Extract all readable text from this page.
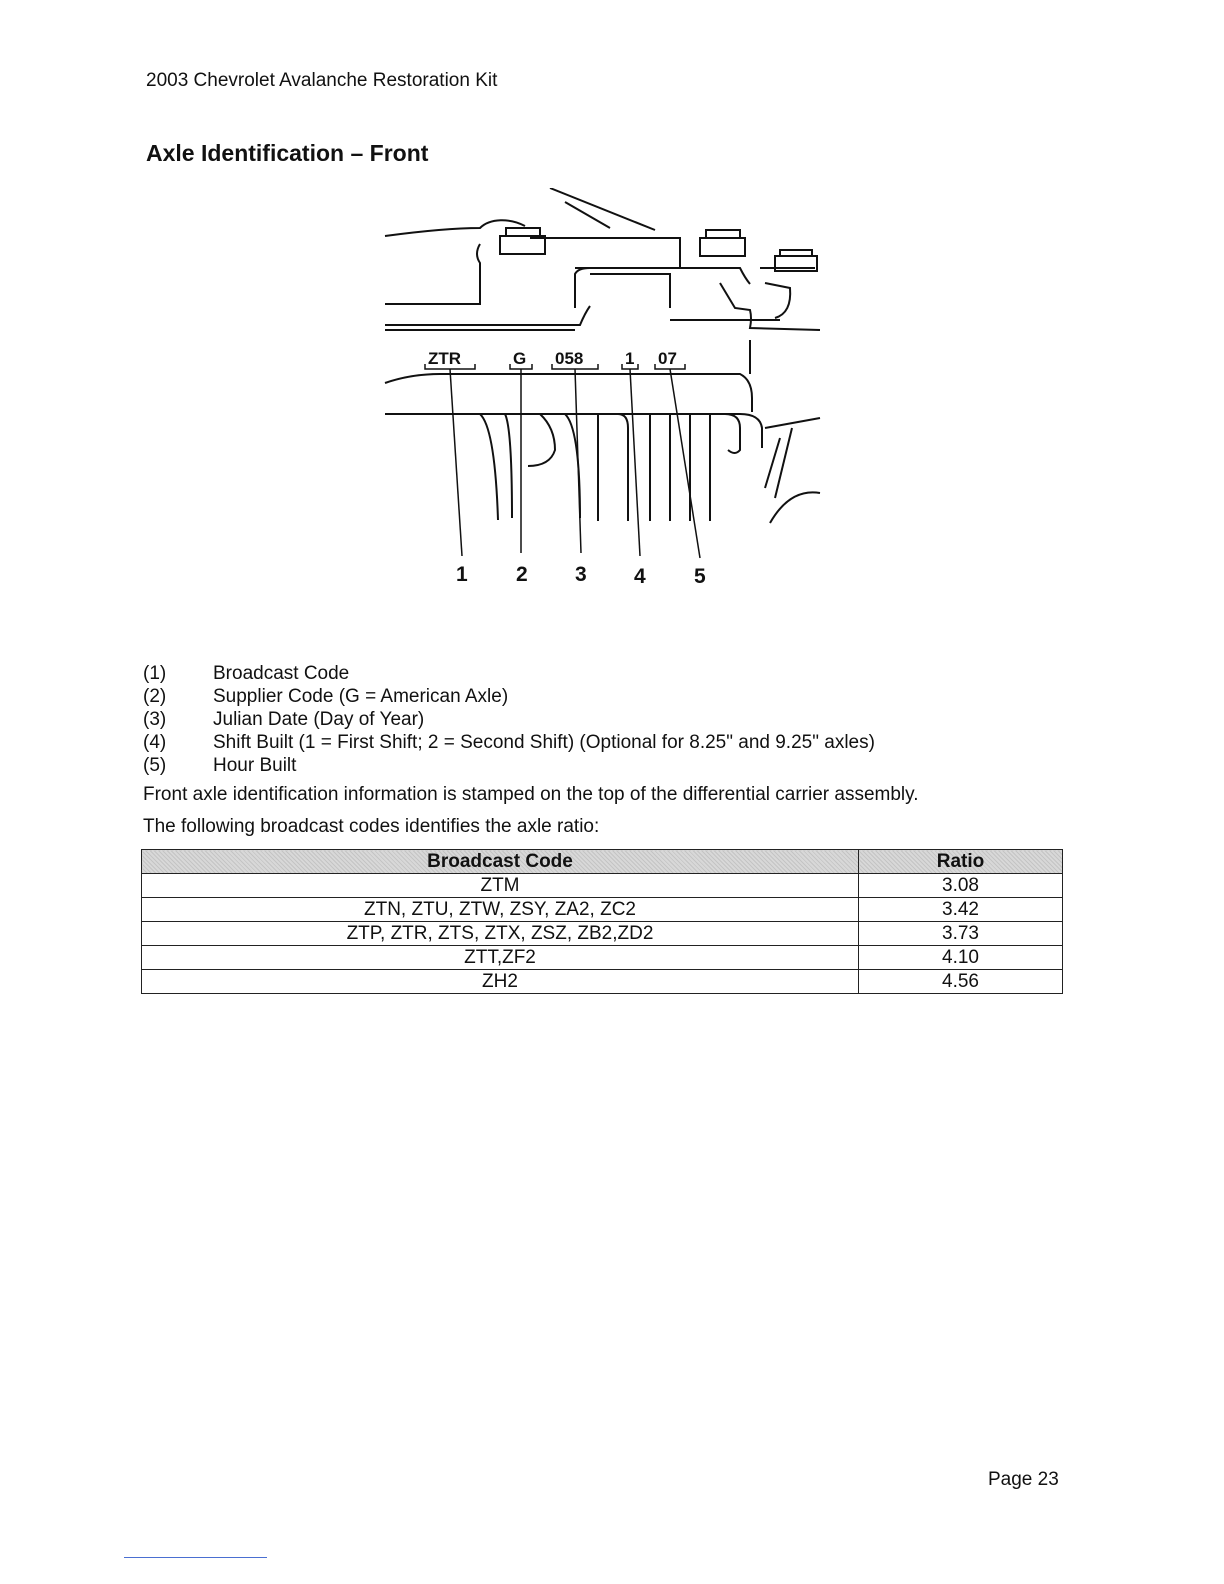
2003 Chevrolet Avalanche Restoration Kit
Axle Identification – Front
ZTR	G 058 1 07
1 2 3 4 5
(1)	Broadcast Code
(2)	Supplier Code (G = American Axle)
(3)	Julian Date (Day of Year)
(4)	Shift Built (1 = First Shift; 2 = Second Shift) (Optional for 8.25" and 9.25" axles)
(5)	Hour Built
Front axle identification information is stamped on the top of the differential carrier assembly.
The following broadcast codes identifies the axle ratio:
Broadcast Code	Ratio
ZTM	3.08
ZTN, ZTU, ZTW, ZSY, ZA2, ZC2	3.42
ZTP, ZTR, ZTS, ZTX, ZSZ, ZB2,ZD2	3.73
ZTT,ZF2	4.10
ZH2	4.56
Page 23
